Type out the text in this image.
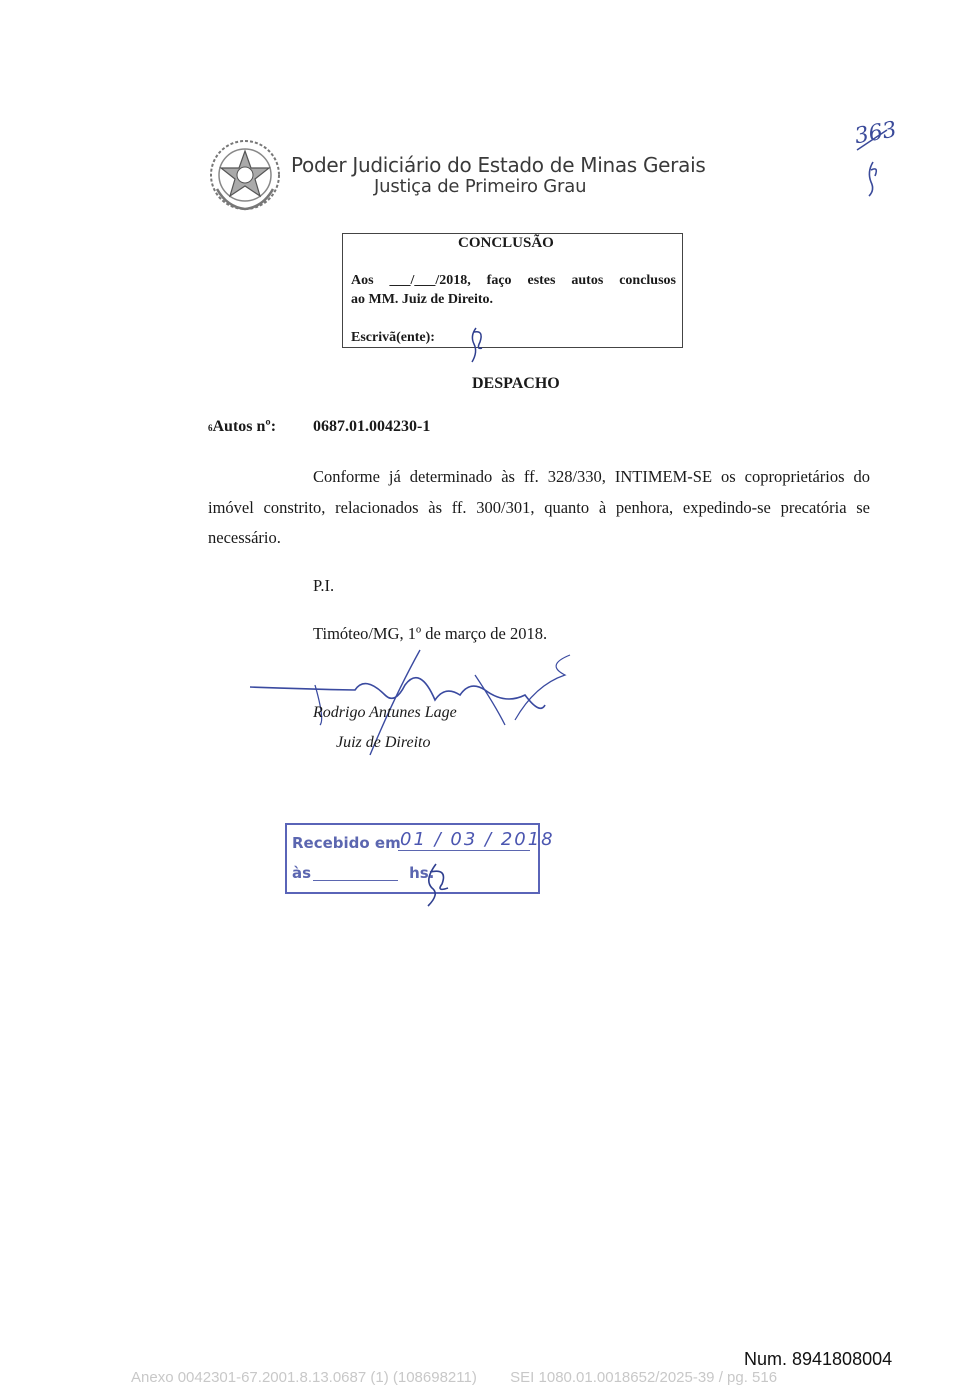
Poder Judiciário do Estado de Minas Gerais
Justiça de Primeiro Grau
363
CONCLUSÃO
Aos ___/___/2018, faço estes autos conclusos
ao MM. Juiz de Direito.
Escrivã(ente):
DESPACHO
6Autos nº: 0687.01.004230-1
Conforme já determinado às ff. 328/330, INTIMEM-SE os coproprietários do imóvel constrito, relacionados às ff. 300/301, quanto à penhora, expedindo-se precatória se necessário.
P.I.
Timóteo/MG, 1º de março de 2018.
Rodrigo Antunes Lage
Juiz de Direito
Recebido em 01 / 03 / 2018
às	hs.
Num. 8941808004
Anexo 0042301-67.2001.8.13.0687 (1) (108698211)        SEI 1080.01.0018652/2025-39 / pg. 516
